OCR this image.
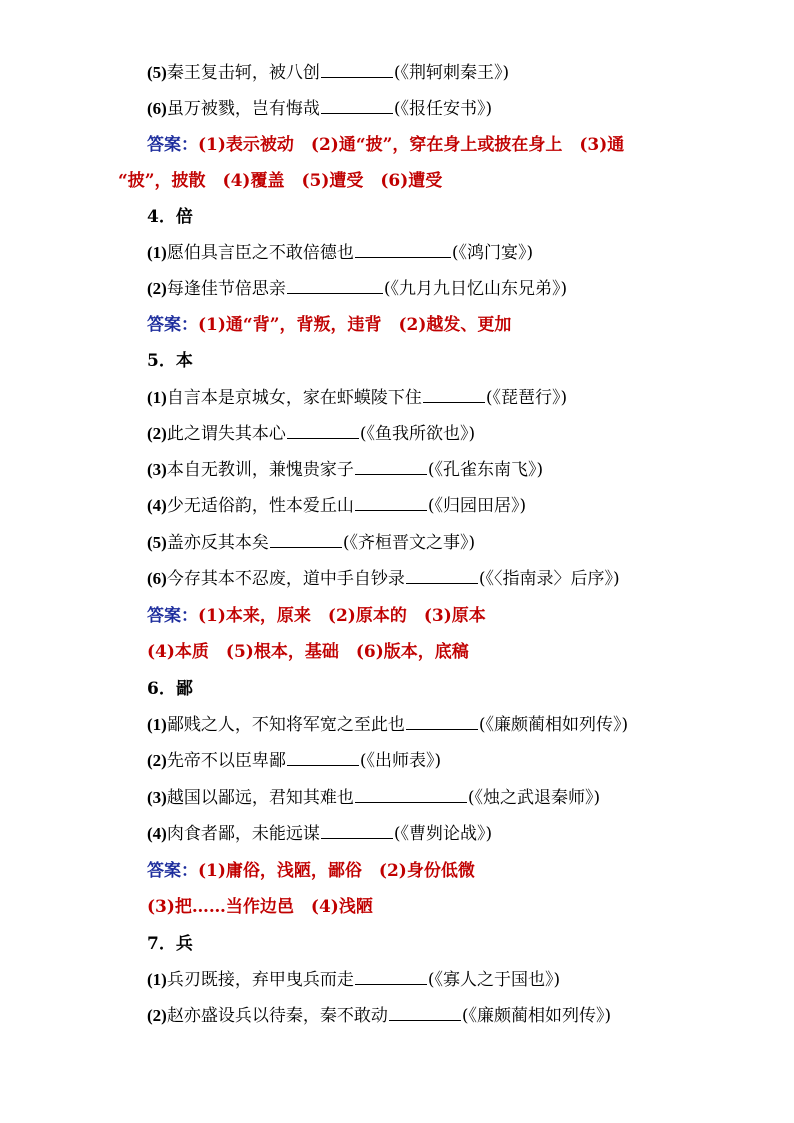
(5)秦王复击轲，被八创	(《荆轲刺秦王》)
(6)虽万被戮，岂有悔哉	(《报任安书》)
答案：(1)表示被动　(2)通“披”，穿在身上或披在身上　(3)通
“披”，披散　(4)覆盖　(5)遭受　(6)遭受
4．倍
(1)愿伯具言臣之不敢倍德也	(《鸿门宴》)
(2)每逢佳节倍思亲	(《九月九日忆山东兄弟》)
答案：(1)通“背”，背叛，违背　(2)越发、更加
5．本
(1)自言本是京城女，家在虾蟆陵下住	(《琵琶行》)
(2)此之谓失其本心	(《鱼我所欲也》)
(3)本自无教训，兼愧贵家子	(《孔雀东南飞》)
(4)少无适俗韵，性本爱丘山	(《归园田居》)
(5)盖亦反其本矣	(《齐桓晋文之事》)
(6)今存其本不忍废，道中手自钞录	(《〈指南录〉后序》)
答案：(1)本来，原来　(2)原本的　(3)原本
(4)本质　(5)根本，基础　(6)版本，底稿
6．鄙
(1)鄙贱之人，不知将军宽之至此也	(《廉颇蔺相如列传》)
(2)先帝不以臣卑鄙	(《出师表》)
(3)越国以鄙远，君知其难也	(《烛之武退秦师》)
(4)肉食者鄙，未能远谋	(《曹刿论战》)
答案：(1)庸俗，浅陋，鄙俗　(2)身份低微
(3)把……当作边邑　(4)浅陋
7．兵
(1)兵刃既接，弃甲曳兵而走	(《寡人之于国也》)
(2)赵亦盛设兵以待秦，秦不敢动	(《廉颇蔺相如列传》)
